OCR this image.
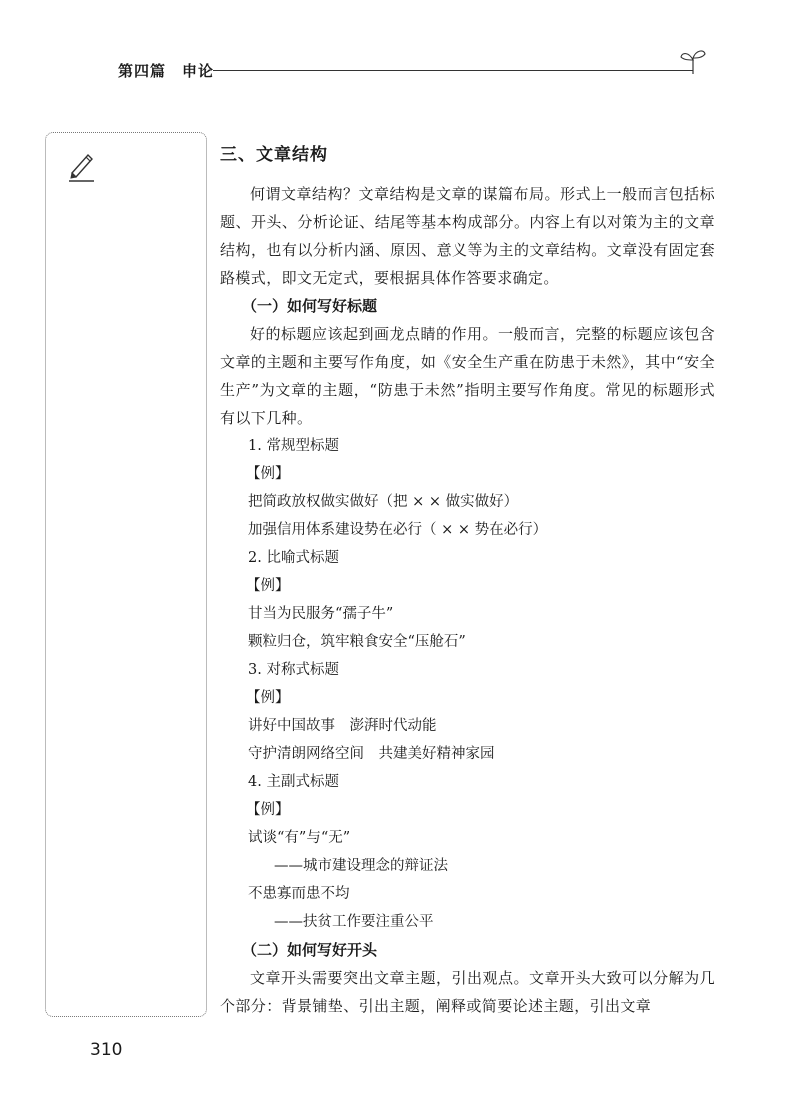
第四篇　申论
三、文章结构

何谓文章结构？文章结构是文章的谋篇布局。形式上一般而言包括标题、开头、分析论证、结尾等基本构成部分。内容上有以对策为主的文章结构，也有以分析内涵、原因、意义等为主的文章结构。文章没有固定套路模式，即文无定式，要根据具体作答要求确定。

（一）如何写好标题

好的标题应该起到画龙点睛的作用。一般而言，完整的标题应该包含文章的主题和主要写作角度，如《安全生产重在防患于未然》，其中“安全生产”为文章的主题，“防患于未然”指明主要写作角度。常见的标题形式有以下几种。

1. 常规型标题
【例】
把简政放权做实做好（把 × × 做实做好）
加强信用体系建设势在必行（ × × 势在必行）
2. 比喻式标题
【例】
甘当为民服务“孺子牛”
颗粒归仓，筑牢粮食安全“压舱石”
3. 对称式标题
【例】
讲好中国故事　澎湃时代动能
守护清朗网络空间　共建美好精神家园
4. 主副式标题
【例】
试谈“有”与“无”
——城市建设理念的辩证法
不患寡而患不均
——扶贫工作要注重公平
（二）如何写好开头

文章开头需要突出文章主题，引出观点。文章开头大致可以分解为几个部分：背景铺垫、引出主题，阐释或简要论述主题，引出文章

310
